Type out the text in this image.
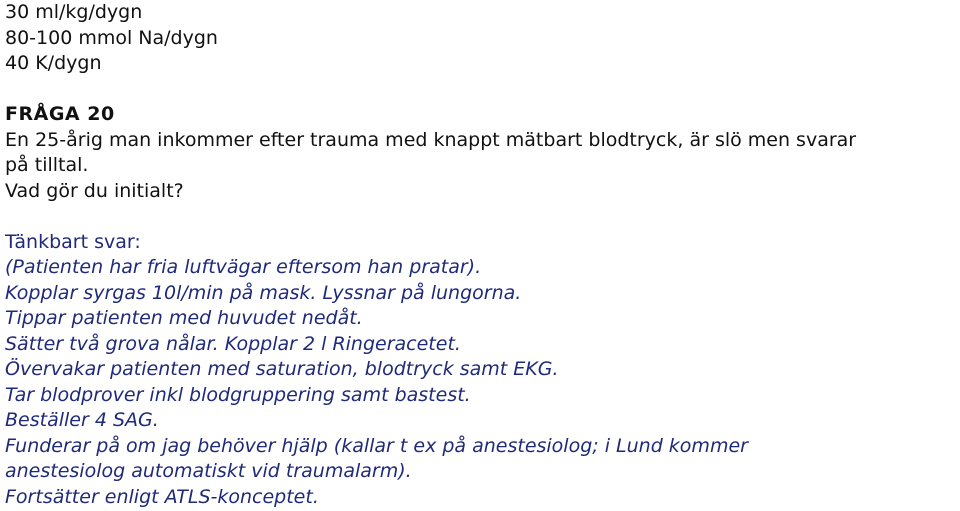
30 ml/kg/dygn

80-100 mmol Na/dygn

40 K/dygn

FRÅGA 20

En 25-årig man inkommer efter trauma med knappt mätbart blodtryck, är slö men svarar

på tilltal.

Vad gör du initialt?

Tänkbart svar:

(Patienten har fria luftvägar eftersom han pratar).

Kopplar syrgas 10l/min på mask. Lyssnar på lungorna.

Tippar patienten med huvudet nedåt.

Sätter två grova nålar. Kopplar 2 l Ringeracetet.

Övervakar patienten med saturation, blodtryck samt EKG.

Tar blodprover inkl blodgruppering samt bastest.

Beställer 4 SAG.

Funderar på om jag behöver hjälp (kallar t ex på anestesiolog; i Lund kommer

anestesiolog automatiskt vid traumalarm).

Fortsätter enligt ATLS-konceptet.
